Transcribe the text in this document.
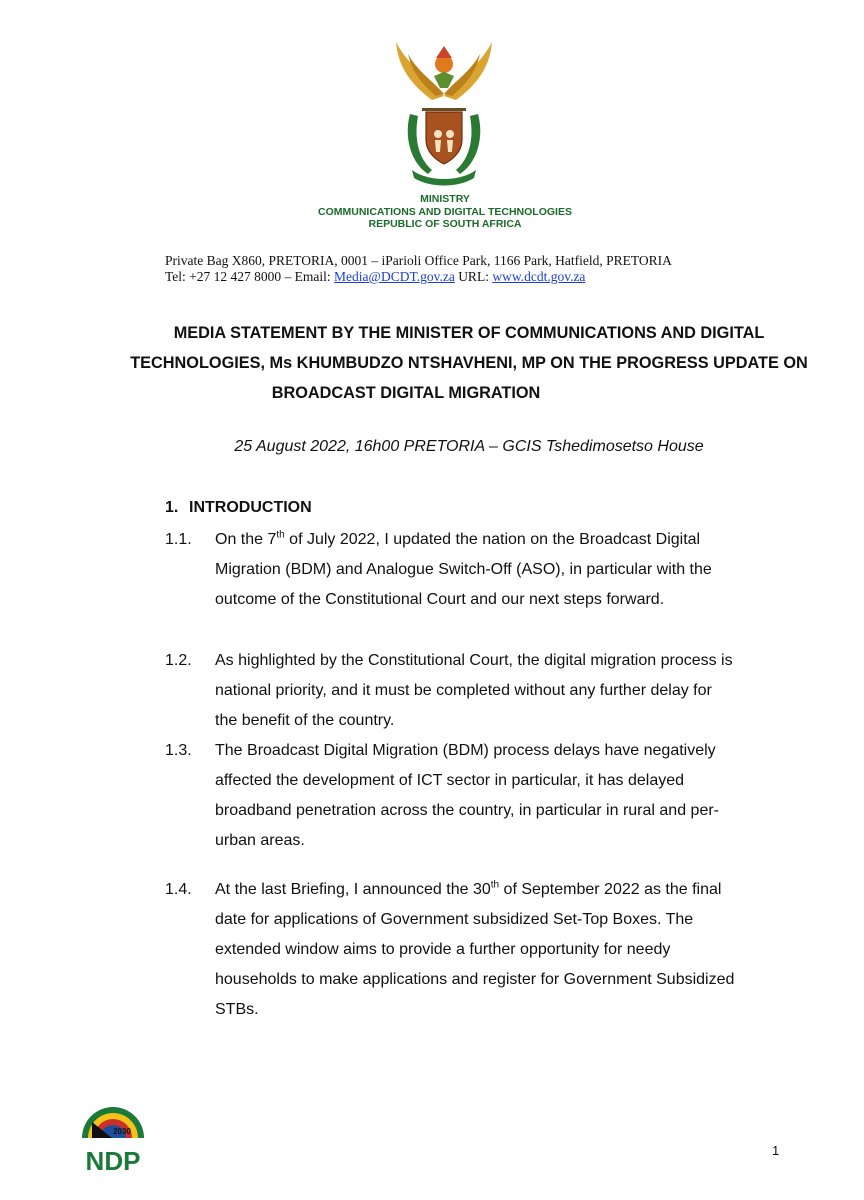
MINISTRY
COMMUNICATIONS AND DIGITAL TECHNOLOGIES
REPUBLIC OF SOUTH AFRICA
Private Bag X860, PRETORIA, 0001 – iParioli Office Park, 1166 Park, Hatfield, PRETORIA
Tel: +27 12 427 8000 – Email: Media@DCDT.gov.za URL: www.dcdt.gov.za
MEDIA STATEMENT BY THE MINISTER OF COMMUNICATIONS AND DIGITAL
TECHNOLOGIES, Ms KHUMBUDZO NTSHAVHENI, MP ON THE PROGRESS UPDATE ON
BROADCAST DIGITAL MIGRATION
25 August 2022, 16h00 PRETORIA – GCIS Tshedimosetso House
1. INTRODUCTION
1.1.	On the 7th of July 2022, I updated the nation on the Broadcast Digital
Migration (BDM) and Analogue Switch-Off (ASO), in particular with the
outcome of the Constitutional Court and our next steps forward.
1.2.	As highlighted by the Constitutional Court, the digital migration process is
national priority, and it must be completed without any further delay for
the benefit of the country.
1.3.	The Broadcast Digital Migration (BDM) process delays have negatively
affected the development of ICT sector in particular, it has delayed
broadband penetration across the country, in particular in rural and per-
urban areas.
1.4.	At the last Briefing, I announced the 30th of September 2022 as the final
date for applications of Government subsidized Set-Top Boxes. The
extended window aims to provide a further opportunity for needy
households to make applications and register for Government Subsidized
STBs.
2030
NDP	1
